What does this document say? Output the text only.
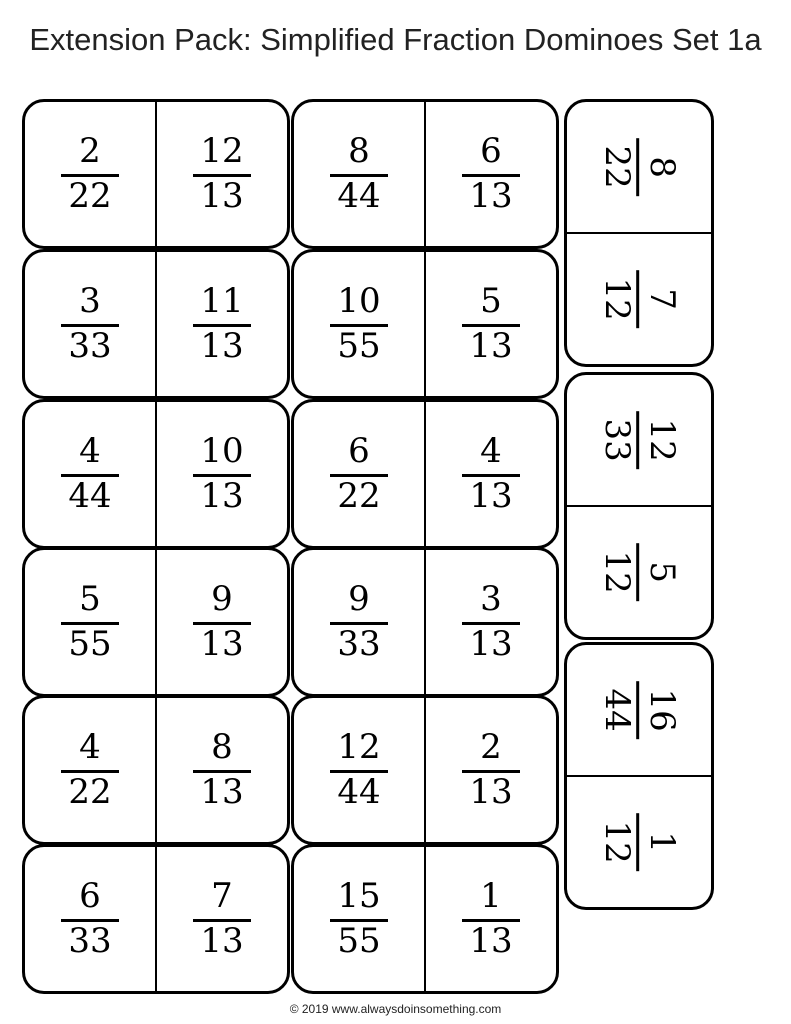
Extension Pack: Simplified Fraction Dominoes Set 1a
$\frac{2}{22} \frac{12}{13}$
$\frac{3}{33} \frac{11}{13}$
$\frac{4}{44} \frac{10}{13}$
$\frac{5}{55} \frac{9}{13}$
$\frac{4}{22} \frac{8}{13}$
$\frac{6}{33} \frac{7}{13}$
$\frac{8}{44} \frac{6}{13}$
$\frac{10}{55} \frac{5}{13}$
$\frac{6}{22} \frac{4}{13}$
$\frac{9}{33} \frac{3}{13}$
$\frac{12}{44} \frac{2}{13}$
$\frac{15}{55} \frac{1}{13}$
8
22
7
12
12
33
5
12
16
44
1
12
© 2019 www.alwaysdoinsomething.com
